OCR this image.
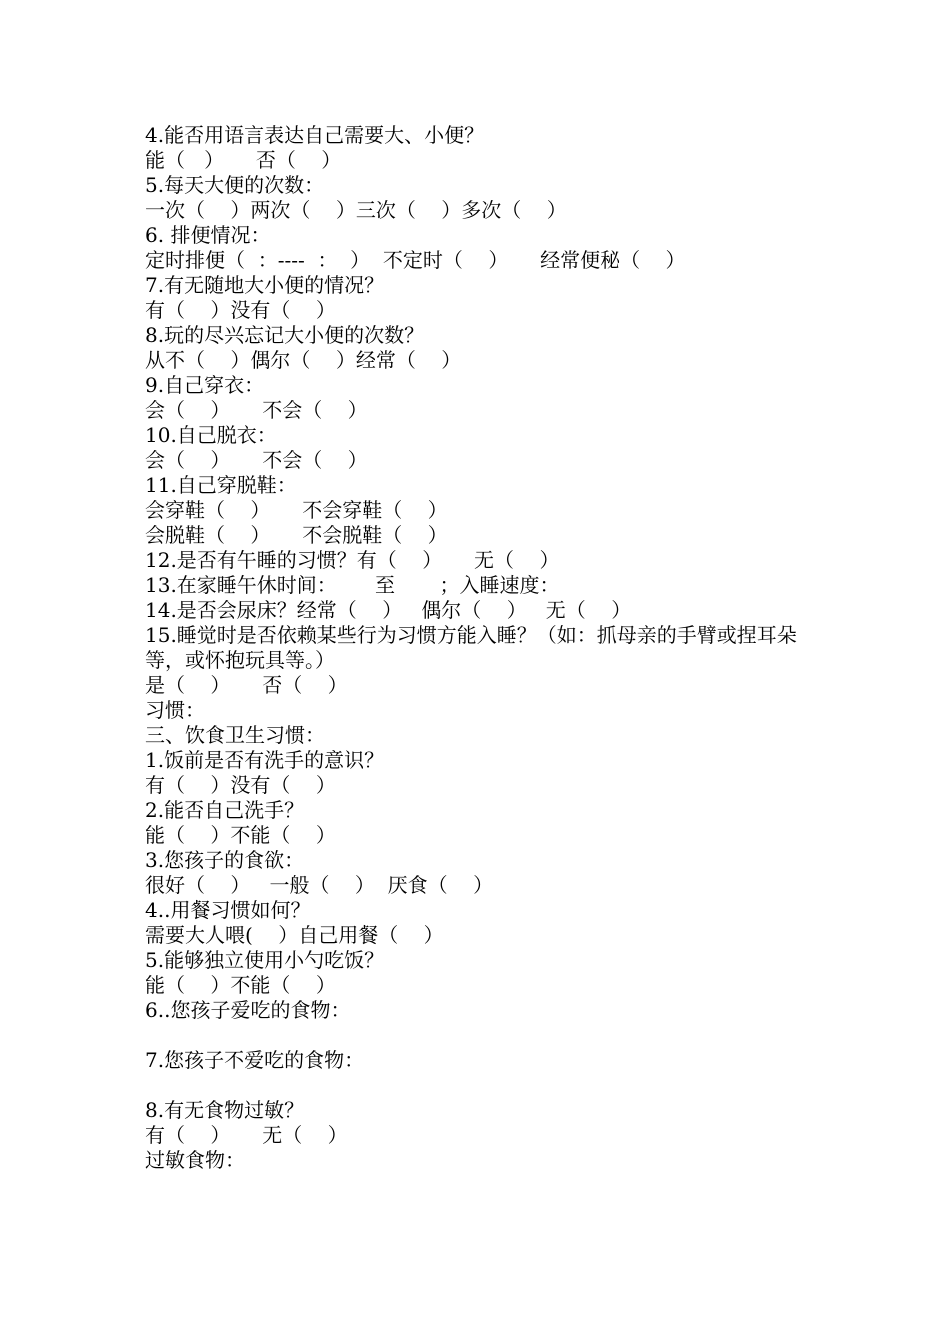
4.能否用语言表达自己需要大、小便？
能（   ）     否（    ）
5.每天大便的次数：
一次（    ）两次（    ）三次（    ）多次（    ）
6. 排便情况：
定时排便（  ：----  ：  ）  不定时（    ）     经常便秘（    ）
7.有无随地大小便的情况？
有（    ）没有（    ）
8.玩的尽兴忘记大小便的次数？
从不（    ）偶尔（    ）经常（    ）
9.自己穿衣：
会（    ）     不会（    ）
10.自己脱衣：
会（    ）     不会（    ）
11.自己穿脱鞋：
会穿鞋（    ）     不会穿鞋（    ）
会脱鞋（    ）     不会脱鞋（    ）
12.是否有午睡的习惯？有（    ）     无（    ）
13.在家睡午休时间：      至       ；入睡速度：
14.是否会尿床？经常（    ）   偶尔（    ）   无（    ）
15.睡觉时是否依赖某些行为习惯方能入睡？（如：抓母亲的手臂或捏耳朵等，或怀抱玩具等。）
是（    ）     否（    ）
习惯：
三、饮食卫生习惯：
1.饭前是否有洗手的意识？
有（    ）没有（    ）
2.能否自己洗手？
能（    ）不能（    ）
3.您孩子的食欲：
很好（    ）   一般（    ）  厌食（    ）
4..用餐习惯如何？
需要大人喂(    ）自己用餐（    ）
5.能够独立使用小勺吃饭？
能（    ）不能（    ）
6..您孩子爱吃的食物：
7.您孩子不爱吃的食物：
8.有无食物过敏？
有（    ）     无（    ）
过敏食物：
